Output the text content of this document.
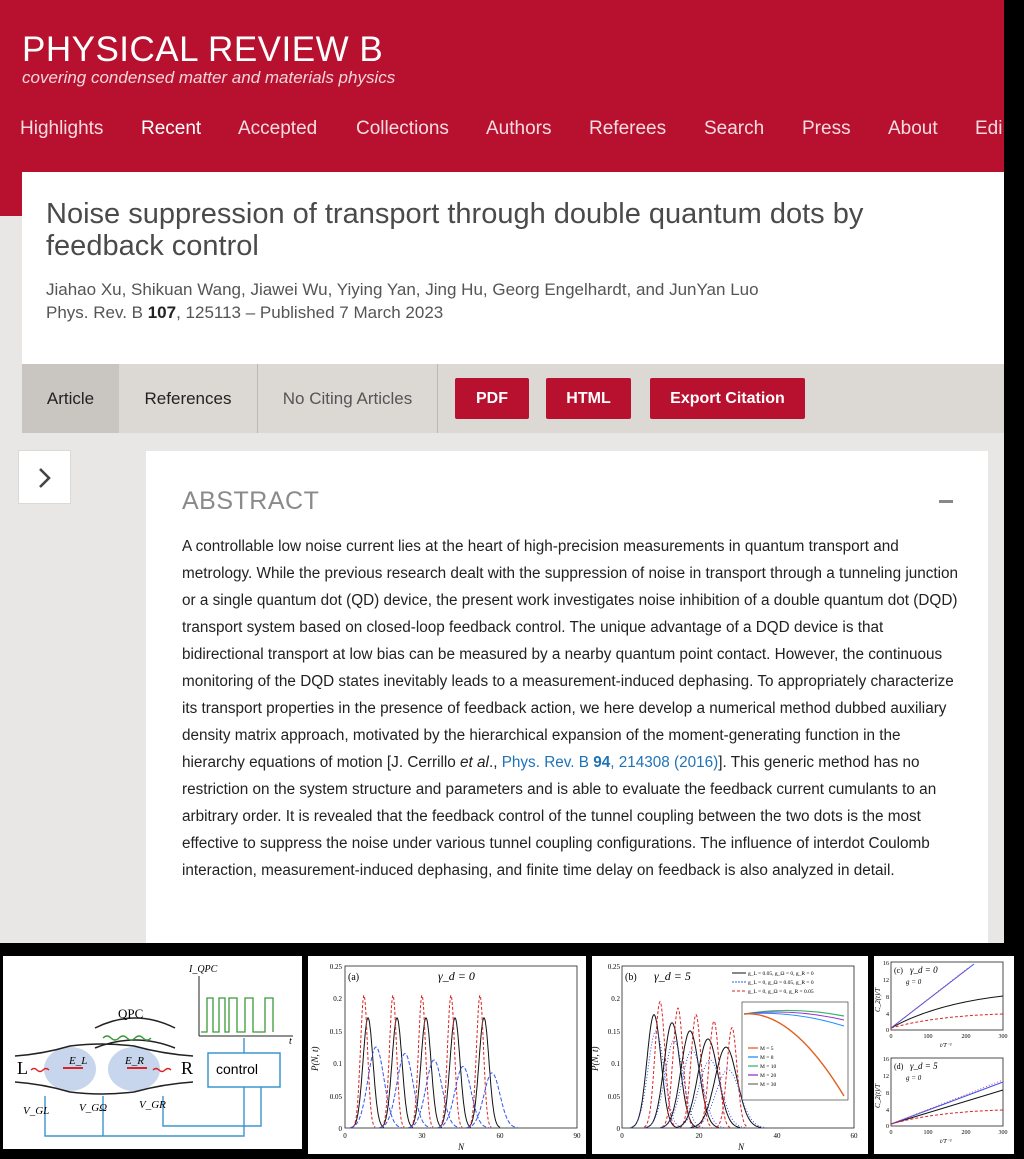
PHYSICAL REVIEW B
covering condensed matter and materials physics
Highlights Recent Accepted Collections Authors Referees Search Press About Edi
Noise suppression of transport through double quantum dots by feedback control
Jiahao Xu, Shikuan Wang, Jiawei Wu, Yiying Yan, Jing Hu, Georg Engelhardt, and JunYan Luo
Phys. Rev. B 107, 125113 – Published 7 March 2023
Article	References	No Citing Articles	PDF	HTML	Export Citation
ABSTRACT
A controllable low noise current lies at the heart of high-precision measurements in quantum transport and metrology. While the previous research dealt with the suppression of noise in transport through a tunneling junction or a single quantum dot (QD) device, the present work investigates noise inhibition of a double quantum dot (DQD) transport system based on closed-loop feedback control. The unique advantage of a DQD device is that bidirectional transport at low bias can be measured by a nearby quantum point contact. However, the continuous monitoring of the DQD states inevitably leads to a measurement-induced dephasing. To appropriately characterize its transport properties in the presence of feedback action, we here develop a numerical method dubbed auxiliary density matrix approach, motivated by the hierarchical expansion of the moment-generating function in the hierarchy equations of motion [J. Cerrillo et al., Phys. Rev. B 94, 214308 (2016)]. This generic method has no restriction on the system structure and parameters and is able to evaluate the feedback current cumulants to an arbitrary order. It is revealed that the feedback control of the tunnel coupling between the two dots is the most effective to suppress the noise under various tunnel coupling configurations. The influence of interdot Coulomb interaction, measurement-induced dephasing, and finite time delay on feedback is also analyzed in detail.
QPC
L	R
E_L	E_R
I_QPC
t
control
V_GL	V_GΩ	V_GR
(a)	γ_d = 0
P(N, t)
N
0.25
0.2
0.15
0.1
0.05
0
0	30	60	90
(b) γ_d = 5
P(N, t)
N
0.25
0.2
0.15
0.1
0.05
0
0	20	40	60
g_L = 0.05, g_Ω = 0, g_R = 0
g_L = 0, g_Ω = 0.05, g_R = 0
g_L = 0, g_Ω = 0, g_R = 0.05
M = 5
M = 8
M = 10
M = 20
M = 30
(c) γ_d = 0
g = 0
C_2(t)/T
16
12
8
4
0
0	100	200	300
t/T⁻¹
(d) γ_d = 5
g = 0
C_2(t)/T
16
12
8
4
0
0	100	200	300
t/T⁻¹
